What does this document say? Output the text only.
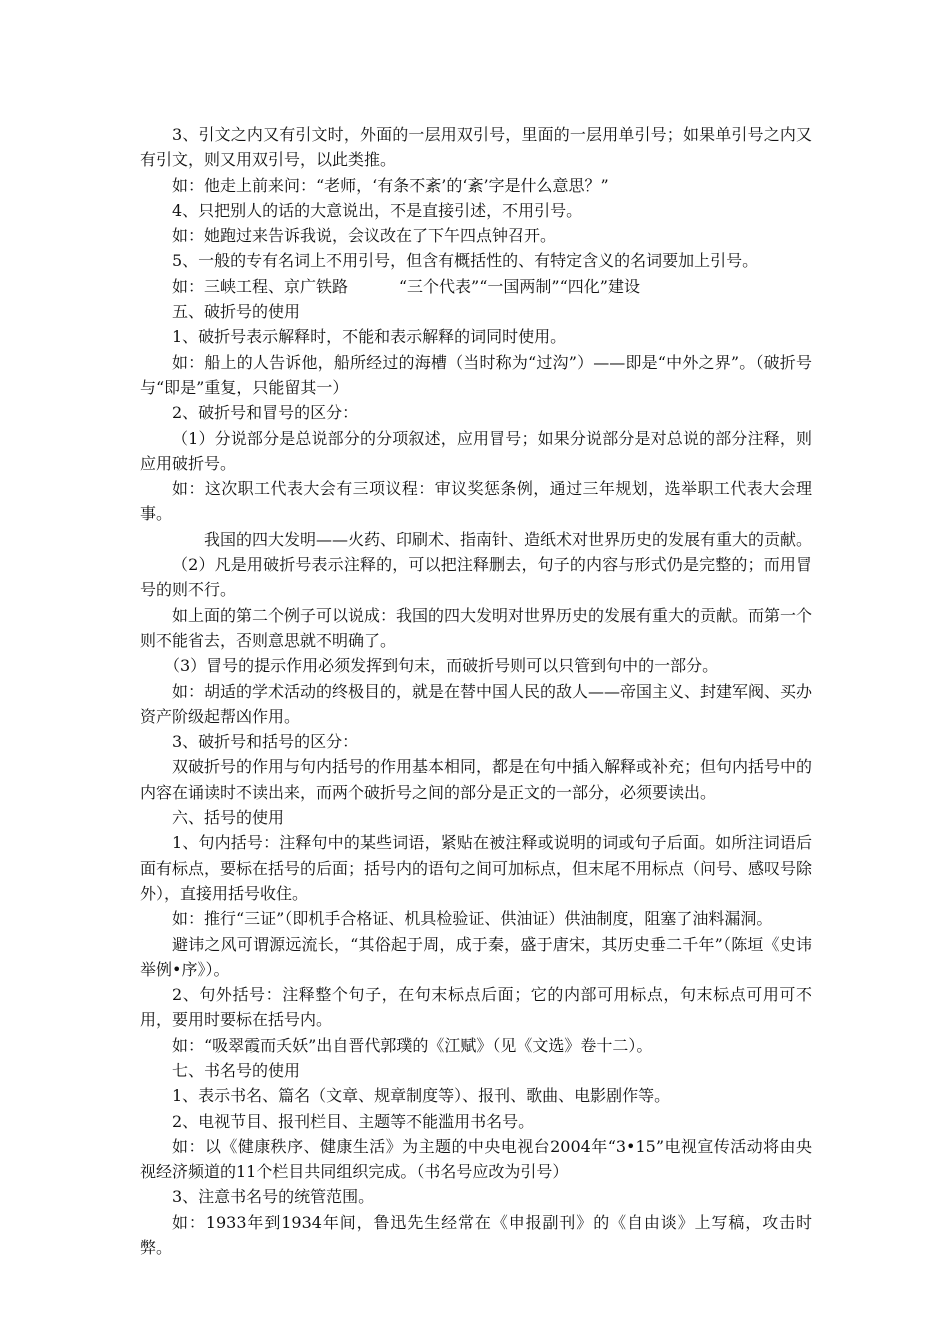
3、引文之内又有引文时，外面的一层用双引号，里面的一层用单引号；如果单引号之内又有引文，则又用双引号，以此类推。

如：他走上前来问：“老师，‘有条不紊’的‘紊’字是什么意思？”

4、只把别人的话的大意说出，不是直接引述，不用引号。

如：她跑过来告诉我说，会议改在了下午四点钟召开。

5、一般的专有名词上不用引号，但含有概括性的、有特定含义的名词要加上引号。

如：三峡工程、京广铁路          “三个代表”“一国两制”“四化”建设

五、破折号的使用

1、破折号表示解释时，不能和表示解释的词同时使用。

如：船上的人告诉他，船所经过的海槽（当时称为“过沟”）——即是“中外之界”。（破折号与“即是”重复，只能留其一）

2、破折号和冒号的区分：

（1）分说部分是总说部分的分项叙述，应用冒号；如果分说部分是对总说的部分注释，则应用破折号。

如：这次职工代表大会有三项议程：审议奖惩条例，通过三年规划，选举职工代表大会理事。

我国的四大发明——火药、印刷术、指南针、造纸术对世界历史的发展有重大的贡献。

（2）凡是用破折号表示注释的，可以把注释删去，句子的内容与形式仍是完整的；而用冒号的则不行。

如上面的第二个例子可以说成：我国的四大发明对世界历史的发展有重大的贡献。而第一个则不能省去，否则意思就不明确了。

（3）冒号的提示作用必须发挥到句末，而破折号则可以只管到句中的一部分。

如：胡适的学术活动的终极目的，就是在替中国人民的敌人——帝国主义、封建军阀、买办资产阶级起帮凶作用。

3、破折号和括号的区分：

双破折号的作用与句内括号的作用基本相同，都是在句中插入解释或补充；但句内括号中的内容在诵读时不读出来，而两个破折号之间的部分是正文的一部分，必须要读出。

六、括号的使用

1、句内括号：注释句中的某些词语，紧贴在被注释或说明的词或句子后面。如所注词语后面有标点，要标在括号的后面；括号内的语句之间可加标点，但末尾不用标点（问号、感叹号除外），直接用括号收住。

如：推行“三证”（即机手合格证、机具检验证、供油证）供油制度，阻塞了油料漏洞。

避讳之风可谓源远流长，“其俗起于周，成于秦，盛于唐宋，其历史垂二千年”（陈垣《史讳举例•序》）。

2、句外括号：注释整个句子，在句末标点后面；它的内部可用标点，句末标点可用可不用，要用时要标在括号内。

如：“吸翠霞而夭妖”出自晋代郭璞的《江赋》（见《文选》卷十二）。

七、书名号的使用

1、表示书名、篇名（文章、规章制度等）、报刊、歌曲、电影剧作等。

2、电视节目、报刊栏目、主题等不能滥用书名号。

如：以《健康秩序、健康生活》为主题的中央电视台2004年“3•15”电视宣传活动将由央视经济频道的11个栏目共同组织完成。（书名号应改为引号）

3、注意书名号的统管范围。

如：1933年到1934年间，鲁迅先生经常在《申报副刊》的《自由谈》上写稿，攻击时弊。
